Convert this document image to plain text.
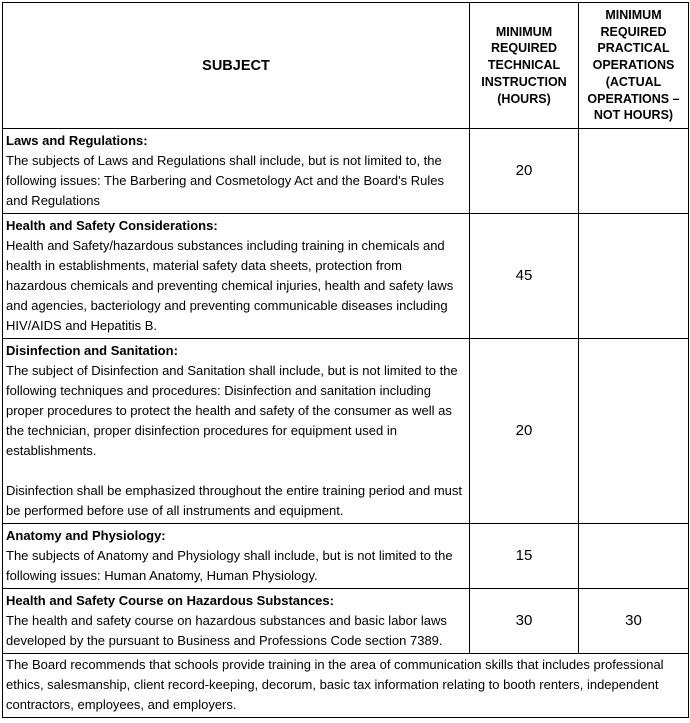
SUBJECT	MINIMUM REQUIRED TECHNICAL INSTRUCTION (HOURS)	MINIMUM REQUIRED PRACTICAL OPERATIONS (ACTUAL OPERATIONS – NOT HOURS)

Laws and Regulations:
The subjects of Laws and Regulations shall include, but is not limited to, the following issues: The Barbering and Cosmetology Act and the Board's Rules and Regulations	20	

Health and Safety Considerations:
Health and Safety/hazardous substances including training in chemicals and health in establishments, material safety data sheets, protection from hazardous chemicals and preventing chemical injuries, health and safety laws and agencies, bacteriology and preventing communicable diseases including HIV/AIDS and Hepatitis B.	45	

Disinfection and Sanitation:
The subject of Disinfection and Sanitation shall include, but is not limited to the following techniques and procedures: Disinfection and sanitation including proper procedures to protect the health and safety of the consumer as well as the technician, proper disinfection procedures for equipment used in establishments.

Disinfection shall be emphasized throughout the entire training period and must be performed before use of all instruments and equipment.	20	

Anatomy and Physiology:
The subjects of Anatomy and Physiology shall include, but is not limited to the following issues: Human Anatomy, Human Physiology.	15	

Health and Safety Course on Hazardous Substances:
The health and safety course on hazardous substances and basic labor laws developed by the pursuant to Business and Professions Code section 7389.	30	30
The Board recommends that schools provide training in the area of communication skills that includes professional ethics, salesmanship, client record-keeping, decorum, basic tax information relating to booth renters, independent contractors, employees, and employers.		
